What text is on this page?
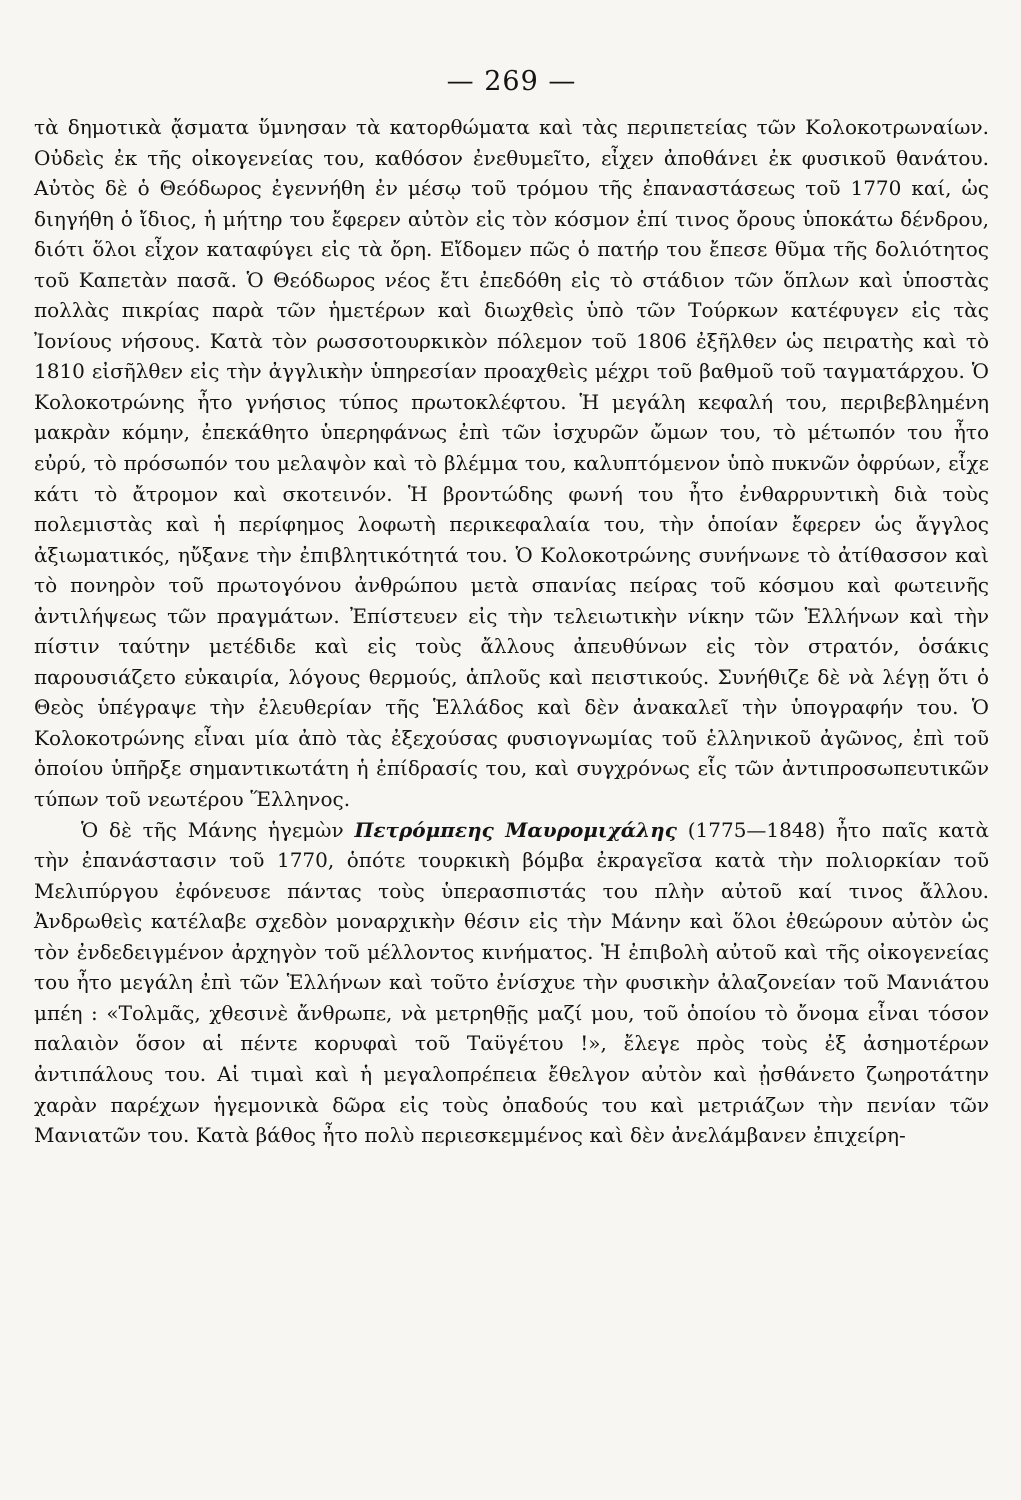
— 269 —

τὰ δημοτικὰ ᾄσματα ὕμνησαν τὰ κατορθώματα καὶ τὰς περιπετείας τῶν Κολοκοτρωναίων. Οὐδεὶς ἐκ τῆς οἰκογενείας του, καθόσον ἐνεθυμεῖτο, εἶχεν ἀποθάνει ἐκ φυσικοῦ θανάτου. Αὐτὸς δὲ ὁ Θεόδωρος ἐγεννήθη ἐν μέσῳ τοῦ τρόμου τῆς ἐπαναστάσεως τοῦ 1770 καί, ὡς διηγήθη ὁ ἴδιος, ἡ μήτηρ του ἔφερεν αὐτὸν εἰς τὸν κόσμον ἐπί τινος ὄρους ὑποκάτω δένδρου, διότι ὅλοι εἶχον καταφύγει εἰς τὰ ὄρη. Εἴδομεν πῶς ὁ πατήρ του ἔπεσε θῦμα τῆς δολιότητος τοῦ Καπετὰν πασᾶ. Ὁ Θεόδωρος νέος ἔτι ἐπεδόθη εἰς τὸ στάδιον τῶν ὅπλων καὶ ὑποστὰς πολλὰς πικρίας παρὰ τῶν ἡμετέρων καὶ διωχθεὶς ὑπὸ τῶν Τούρκων κατέφυγεν εἰς τὰς Ἰονίους νήσους. Κατὰ τὸν ρωσσοτουρκικὸν πόλεμον τοῦ 1806 ἐξῆλθεν ὡς πειρατὴς καὶ τὸ 1810 εἰσῆλθεν εἰς τὴν ἀγγλικὴν ὑπηρεσίαν προαχθεὶς μέχρι τοῦ βαθμοῦ τοῦ ταγματάρχου. Ὁ Κολοκοτρώνης ἦτο γνήσιος τύπος πρωτοκλέφτου. Ἡ μεγάλη κεφαλή του, περιβεβλημένη μακρὰν κόμην, ἐπεκάθητο ὑπερηφάνως ἐπὶ τῶν ἰσχυρῶν ὤμων του, τὸ μέτωπόν του ἦτο εὐρύ, τὸ πρόσωπόν του μελαψὸν καὶ τὸ βλέμμα του, καλυπτόμενον ὑπὸ πυκνῶν ὀφρύων, εἶχε κάτι τὸ ἄτρομον καὶ σκοτεινόν. Ἡ βροντώδης φωνή του ἦτο ἐνθαρρυντικὴ διὰ τοὺς πολεμιστὰς καὶ ἡ περίφημος λοφωτὴ περικεφαλαία του, τὴν ὁποίαν ἔφερεν ὡς ἄγγλος ἀξιωματικός, ηὔξανε τὴν ἐπιβλητικότητά του. Ὁ Κολοκοτρώνης συνήνωνε τὸ ἀτίθασσον καὶ τὸ πονηρὸν τοῦ πρωτογόνου ἀνθρώπου μετὰ σπανίας πείρας τοῦ κόσμου καὶ φωτεινῆς ἀντιλήψεως τῶν πραγμάτων. Ἐπίστευεν εἰς τὴν τελειωτικὴν νίκην τῶν Ἑλλήνων καὶ τὴν πίστιν ταύτην μετέδιδε καὶ εἰς τοὺς ἄλλους ἀπευθύνων εἰς τὸν στρατόν, ὁσάκις παρουσιάζετο εὐκαιρία, λόγους θερμούς, ἁπλοῦς καὶ πειστικούς. Συνήθιζε δὲ νὰ λέγῃ ὅτι ὁ Θεὸς ὑπέγραψε τὴν ἐλευθερίαν τῆς Ἑλλάδος καὶ δὲν ἀνακαλεῖ τὴν ὑπογραφήν του. Ὁ Κολοκοτρώνης εἶναι μία ἀπὸ τὰς ἐξεχούσας φυσιογνωμίας τοῦ ἑλληνικοῦ ἀγῶνος, ἐπὶ τοῦ ὁποίου ὑπῆρξε σημαντικωτάτη ἡ ἐπίδρασίς του, καὶ συγχρόνως εἷς τῶν ἀντιπροσωπευτικῶν τύπων τοῦ νεωτέρου Ἕλληνος.

Ὁ δὲ τῆς Μάνης ἡγεμὼν Πετρόμπεης Μαυρομιχάλης (1775—1848) ἦτο παῖς κατὰ τὴν ἐπανάστασιν τοῦ 1770, ὁπότε τουρκικὴ βόμβα ἐκραγεῖσα κατὰ τὴν πολιορκίαν τοῦ Μελιπύργου ἐφόνευσε πάντας τοὺς ὑπερασπιστάς του πλὴν αὐτοῦ καί τινος ἄλλου. Ἀνδρωθεὶς κατέλαβε σχεδὸν μοναρχικὴν θέσιν εἰς τὴν Μάνην καὶ ὅλοι ἐθεώρουν αὐτὸν ὡς τὸν ἐνδεδειγμένον ἀρχηγὸν τοῦ μέλλοντος κινήματος. Ἡ ἐπιβολὴ αὐτοῦ καὶ τῆς οἰκογενείας του ἦτο μεγάλη ἐπὶ τῶν Ἑλλήνων καὶ τοῦτο ἐνίσχυε τὴν φυσικὴν ἀλαζονείαν τοῦ Μανιάτου μπέη : «Τολμᾶς, χθεσινὲ ἄνθρωπε, νὰ μετρηθῇς μαζί μου, τοῦ ὁποίου τὸ ὄνομα εἶναι τόσον παλαιὸν ὅσον αἱ πέντε κορυφαὶ τοῦ Ταϋγέτου !», ἔλεγε πρὸς τοὺς ἐξ ἀσημοτέρων ἀντιπάλους του. Αἱ τιμαὶ καὶ ἡ μεγαλοπρέπεια ἔθελγον αὐτὸν καὶ ᾐσθάνετο ζωηροτάτην χαρὰν παρέχων ἡγεμονικὰ δῶρα εἰς τοὺς ὀπαδούς του καὶ μετριάζων τὴν πενίαν τῶν Μανιατῶν του. Κατὰ βάθος ἦτο πολὺ περιεσκεμμένος καὶ δὲν ἀνελάμβανεν ἐπιχείρη-
